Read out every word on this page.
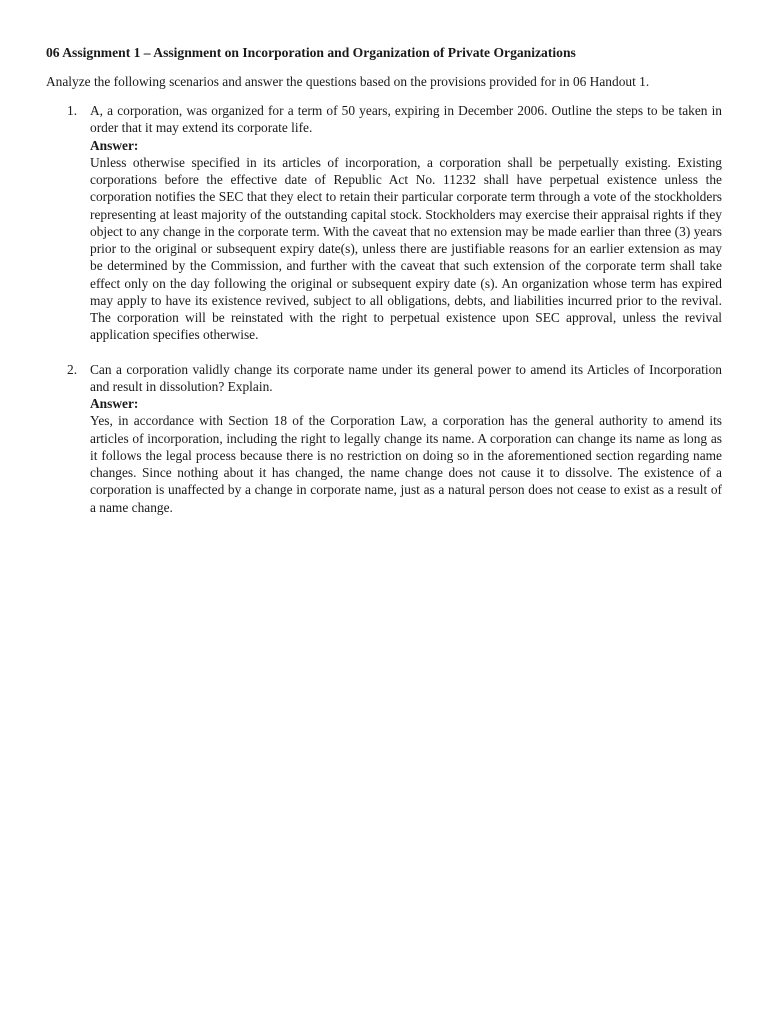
06 Assignment 1 – Assignment on Incorporation and Organization of Private Organizations

Analyze the following scenarios and answer the questions based on the provisions provided for in 06 Handout 1.

1. A, a corporation, was organized for a term of 50 years, expiring in December 2006. Outline the steps to be taken in order that it may extend its corporate life.

Answer:

Unless otherwise specified in its articles of incorporation, a corporation shall be perpetually existing. Existing corporations before the effective date of Republic Act No. 11232 shall have perpetual existence unless the corporation notifies the SEC that they elect to retain their particular corporate term through a vote of the stockholders representing at least majority of the outstanding capital stock. Stockholders may exercise their appraisal rights if they object to any change in the corporate term. With the caveat that no extension may be made earlier than three (3) years prior to the original or subsequent expiry date(s), unless there are justifiable reasons for an earlier extension as may be determined by the Commission, and further with the caveat that such extension of the corporate term shall take effect only on the day following the original or subsequent expiry date (s). An organization whose term has expired may apply to have its existence revived, subject to all obligations, debts, and liabilities incurred prior to the revival. The corporation will be reinstated with the right to perpetual existence upon SEC approval, unless the revival application specifies otherwise.

2. Can a corporation validly change its corporate name under its general power to amend its Articles of Incorporation and result in dissolution? Explain.

Answer:

Yes, in accordance with Section 18 of the Corporation Law, a corporation has the general authority to amend its articles of incorporation, including the right to legally change its name. A corporation can change its name as long as it follows the legal process because there is no restriction on doing so in the aforementioned section regarding name changes. Since nothing about it has changed, the name change does not cause it to dissolve. The existence of a corporation is unaffected by a change in corporate name, just as a natural person does not cease to exist as a result of a name change.
